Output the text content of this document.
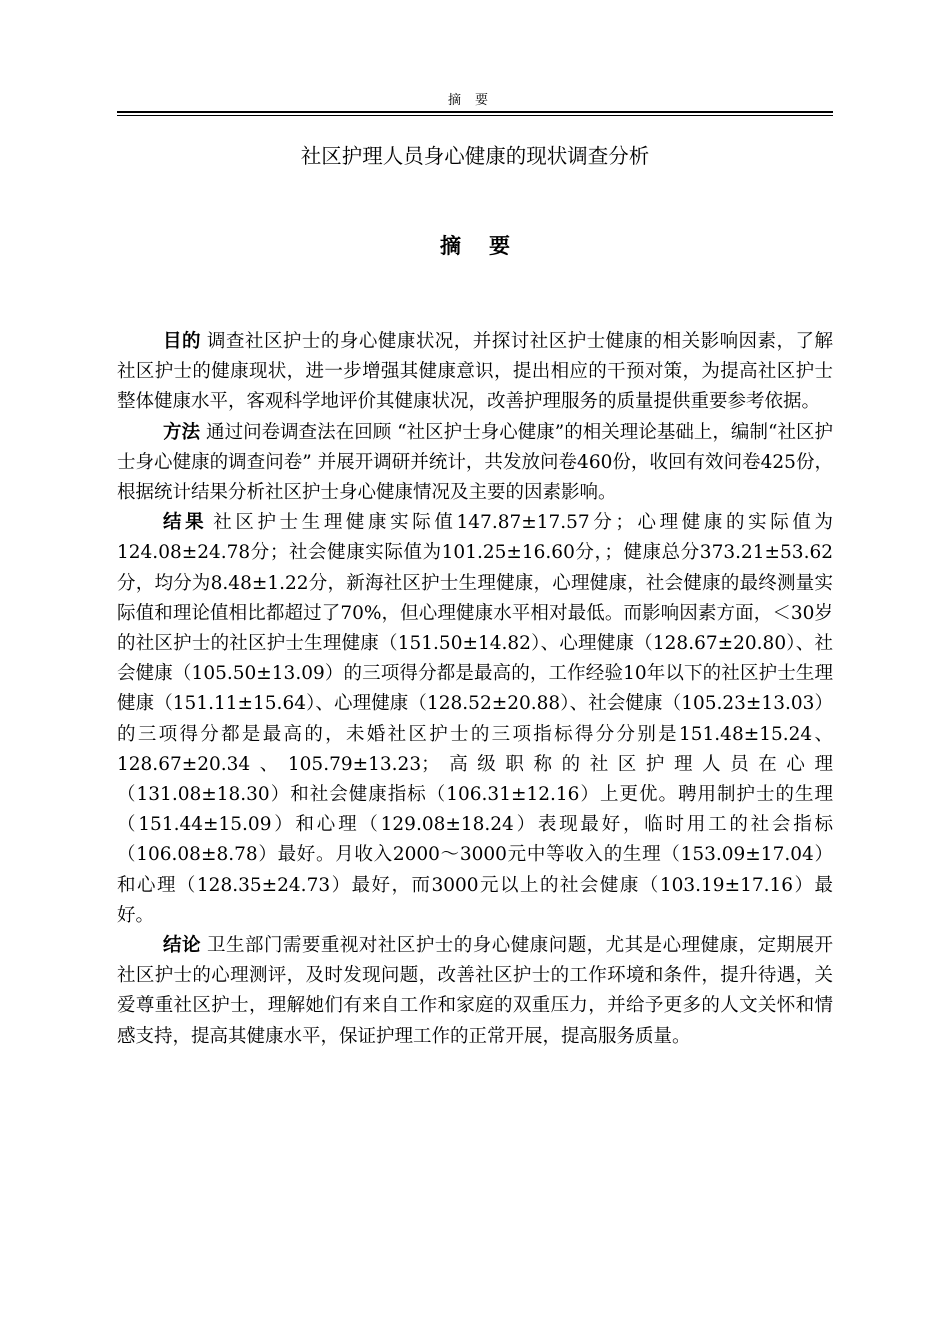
摘要
社区护理人员身心健康的现状调查分析
摘要

目的 调查社区护士的身心健康状况，并探讨社区护士健康的相关影响因素，了解社区护士的健康现状，进一步增强其健康意识，提出相应的干预对策，为提高社区护士整体健康水平，客观科学地评价其健康状况，改善护理服务的质量提供重要参考依据。

方法 通过问卷调查法在回顾 “社区护士身心健康”的相关理论基础上，编制“社区护士身心健康的调查问卷” 并展开调研并统计，共发放问卷460份，收回有效问卷425份，根据统计结果分析社区护士身心健康情况及主要的因素影响。

结果 社区护士生理健康实际值147.87±17.57分；心理健康的实际值为124.08±24.78分；社会健康实际值为101.25±16.60分，；健康总分373.21±53.62分，均分为8.48±1.22分，新海社区护士生理健康，心理健康，社会健康的最终测量实际值和理论值相比都超过了70%，但心理健康水平相对最低。而影响因素方面，＜30岁的社区护士的社区护士生理健康（151.50±14.82）、心理健康（128.67±20.80）、社会健康（105.50±13.09）的三项得分都是最高的，工作经验10年以下的社区护士生理健康（151.11±15.64）、心理健康（128.52±20.88）、社会健康（105.23±13.03）的三项得分都是最高的，未婚社区护士的三项指标得分分别是151.48±15.24、128.67±20.34、105.79±13.23；高级职称的社区护理人员在心理（131.08±18.30）和社会健康指标（106.31±12.16）上更优。聘用制护士的生理（151.44±15.09）和心理（129.08±18.24）表现最好，临时用工的社会指标（106.08±8.78）最好。月收入2000～3000元中等收入的生理（153.09±17.04）和心理（128.35±24.73）最好，而3000元以上的社会健康（103.19±17.16）最好。

结论 卫生部门需要重视对社区护士的身心健康问题，尤其是心理健康，定期展开社区护士的心理测评，及时发现问题，改善社区护士的工作环境和条件，提升待遇，关爱尊重社区护士，理解她们有来自工作和家庭的双重压力，并给予更多的人文关怀和情感支持，提高其健康水平，保证护理工作的正常开展，提高服务质量。
